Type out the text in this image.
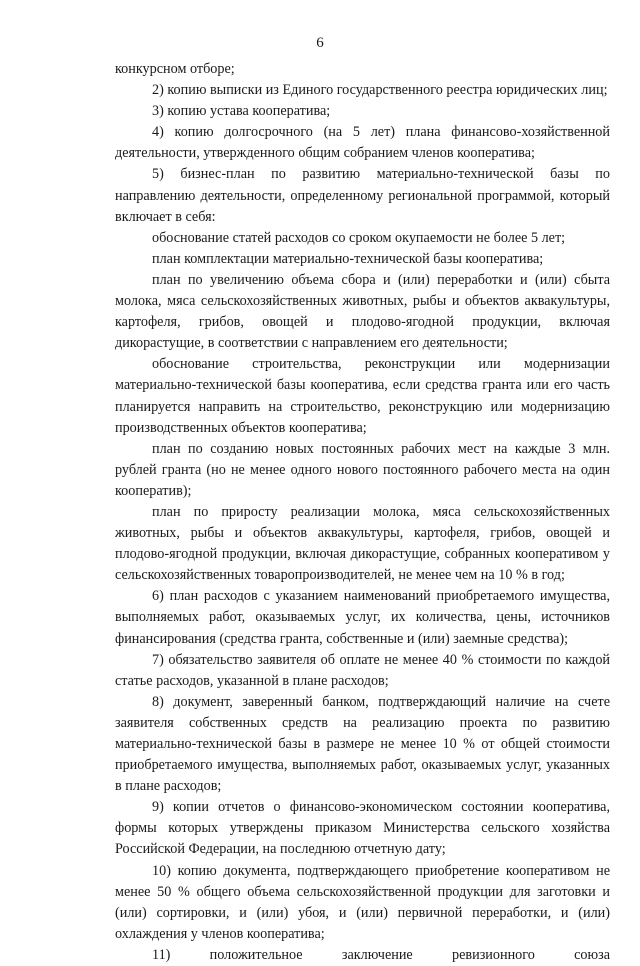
6

конкурсном отборе;

2) копию выписки из Единого государственного реестра юридических лиц;

3) копию устава кооператива;

4) копию долгосрочного (на 5 лет) плана финансово-хозяйственной деятельности, утвержденного общим собранием членов кооператива;

5) бизнес-план по развитию материально-технической базы по направлению деятельности, определенному региональной программой, который включает в себя:

обоснование статей расходов со сроком окупаемости не более 5 лет;

план комплектации материально-технической базы кооператива;

план по увеличению объема сбора и (или) переработки и (или) сбыта молока, мяса сельскохозяйственных животных, рыбы и объектов аквакультуры, картофеля, грибов, овощей и плодово-ягодной продукции, включая дикорастущие, в соответствии с направлением его деятельности;

обоснование строительства, реконструкции или модернизации материально-технической базы кооператива, если средства гранта или его часть планируется направить на строительство, реконструкцию или модернизацию производственных объектов кооператива;

план по созданию новых постоянных рабочих мест на каждые 3 млн. рублей гранта (но не менее одного нового постоянного рабочего места на один кооператив);

план по приросту реализации молока, мяса сельскохозяйственных животных, рыбы и объектов аквакультуры, картофеля, грибов, овощей и плодово-ягодной продукции, включая дикорастущие, собранных кооперативом у сельскохозяйственных товаропроизводителей, не менее чем на 10 % в год;

6) план расходов с указанием наименований приобретаемого имущества, выполняемых работ, оказываемых услуг, их количества, цены, источников финансирования (средства гранта, собственные и (или) заемные средства);

7) обязательство заявителя об оплате не менее 40 % стоимости по каждой статье расходов, указанной в плане расходов;

8) документ, заверенный банком, подтверждающий наличие на счете заявителя собственных средств на реализацию проекта по развитию материально-технической базы в размере не менее 10 % от общей стоимости приобретаемого имущества, выполняемых работ, оказываемых услуг, указанных в плане расходов;

9) копии отчетов о финансово-экономическом состоянии кооператива, формы которых утверждены приказом Министерства сельского хозяйства Российской Федерации, на последнюю отчетную дату;

10) копию документа, подтверждающего приобретение кооперативом не менее 50 % общего объема сельскохозяйственной продукции для заготовки и (или) сортировки, и (или) убоя, и (или) первичной переработки, и (или) охлаждения у членов кооператива;

11) положительное заключение ревизионного союза
